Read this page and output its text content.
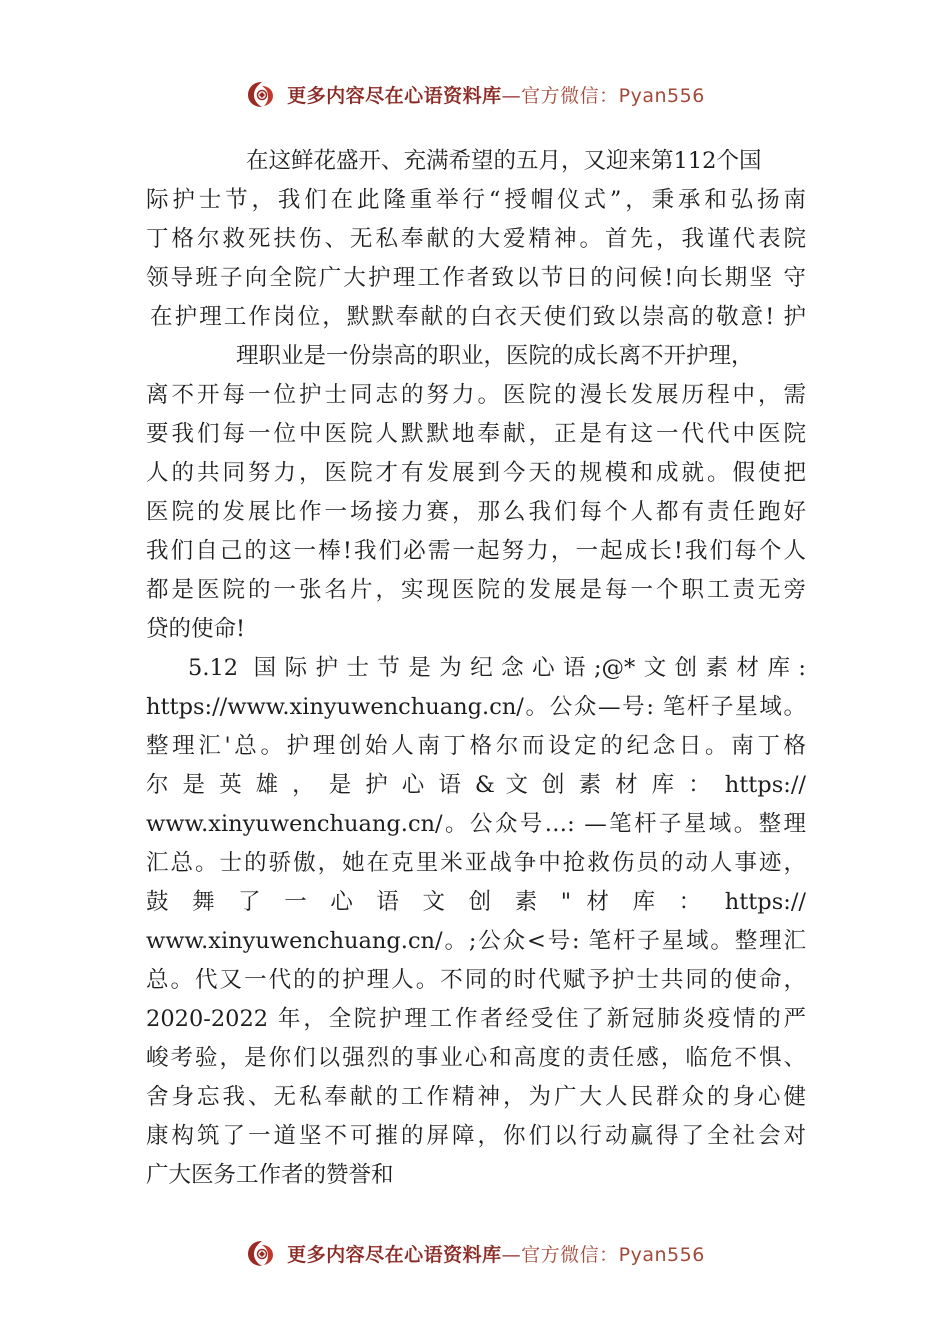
更多内容尽在心语资料库—官方微信：Pyan556
在这鲜花盛开、充满希望的五月，又迎来第112个国
际护士节，我们在此隆重举行“授帽仪式”，秉承和弘扬南
丁格尔救死扶伤、无私奉献的大爱精神。首先，我谨代表院
领导班子向全院广大护理工作者致以节日的问候!向长期坚 守
在护理工作岗位，默默奉献的白衣天使们致以崇高的敬意! 护
理职业是一份崇高的职业，医院的成长离不开护理，
离不开每一位护士同志的努力。医院的漫长发展历程中，需
要我们每一位中医院人默默地奉献，正是有这一代代中医院
人的共同努力，医院才有发展到今天的规模和成就。假使把
医院的发展比作一场接力赛，那么我们每个人都有责任跑好
我们自己的这一棒!我们必需一起努力，一起成长!我们每个人
都是医院的一张名片，实现医院的发展是每一个职工责无旁
贷的使命!
5.12 国际护士节是为纪念心语;@*文创素材库:
https://www.xinyuwenchuang.cn/。公众—号: 笔杆子星域。
整理汇'总。护理创始人南丁格尔而设定的纪念日。南丁格
尔 是 英 雄 ， 是 护 心 语 & 文 创 素 材 库 ： https://
www.xinyuwenchuang.cn/。公众号…: —笔杆子星域。整理
汇总。士的骄傲，她在克里米亚战争中抢救伤员的动人事迹，
鼓 舞 了 一 心 语 文 创 素 " 材 库 ： https://
www.xinyuwenchuang.cn/。;公众<号: 笔杆子星域。整理汇
总。代又一代的的护理人。不同的时代赋予护士共同的使命，
2020-2022 年，全院护理工作者经受住了新冠肺炎疫情的严
峻考验，是你们以强烈的事业心和高度的责任感，临危不惧、
舍身忘我、无私奉献的工作精神，为广大人民群众的身心健
康构筑了一道坚不可摧的屏障，你们以行动赢得了全社会对
广大医务工作者的赞誉和
更多内容尽在心语资料库—官方微信：Pyan556
